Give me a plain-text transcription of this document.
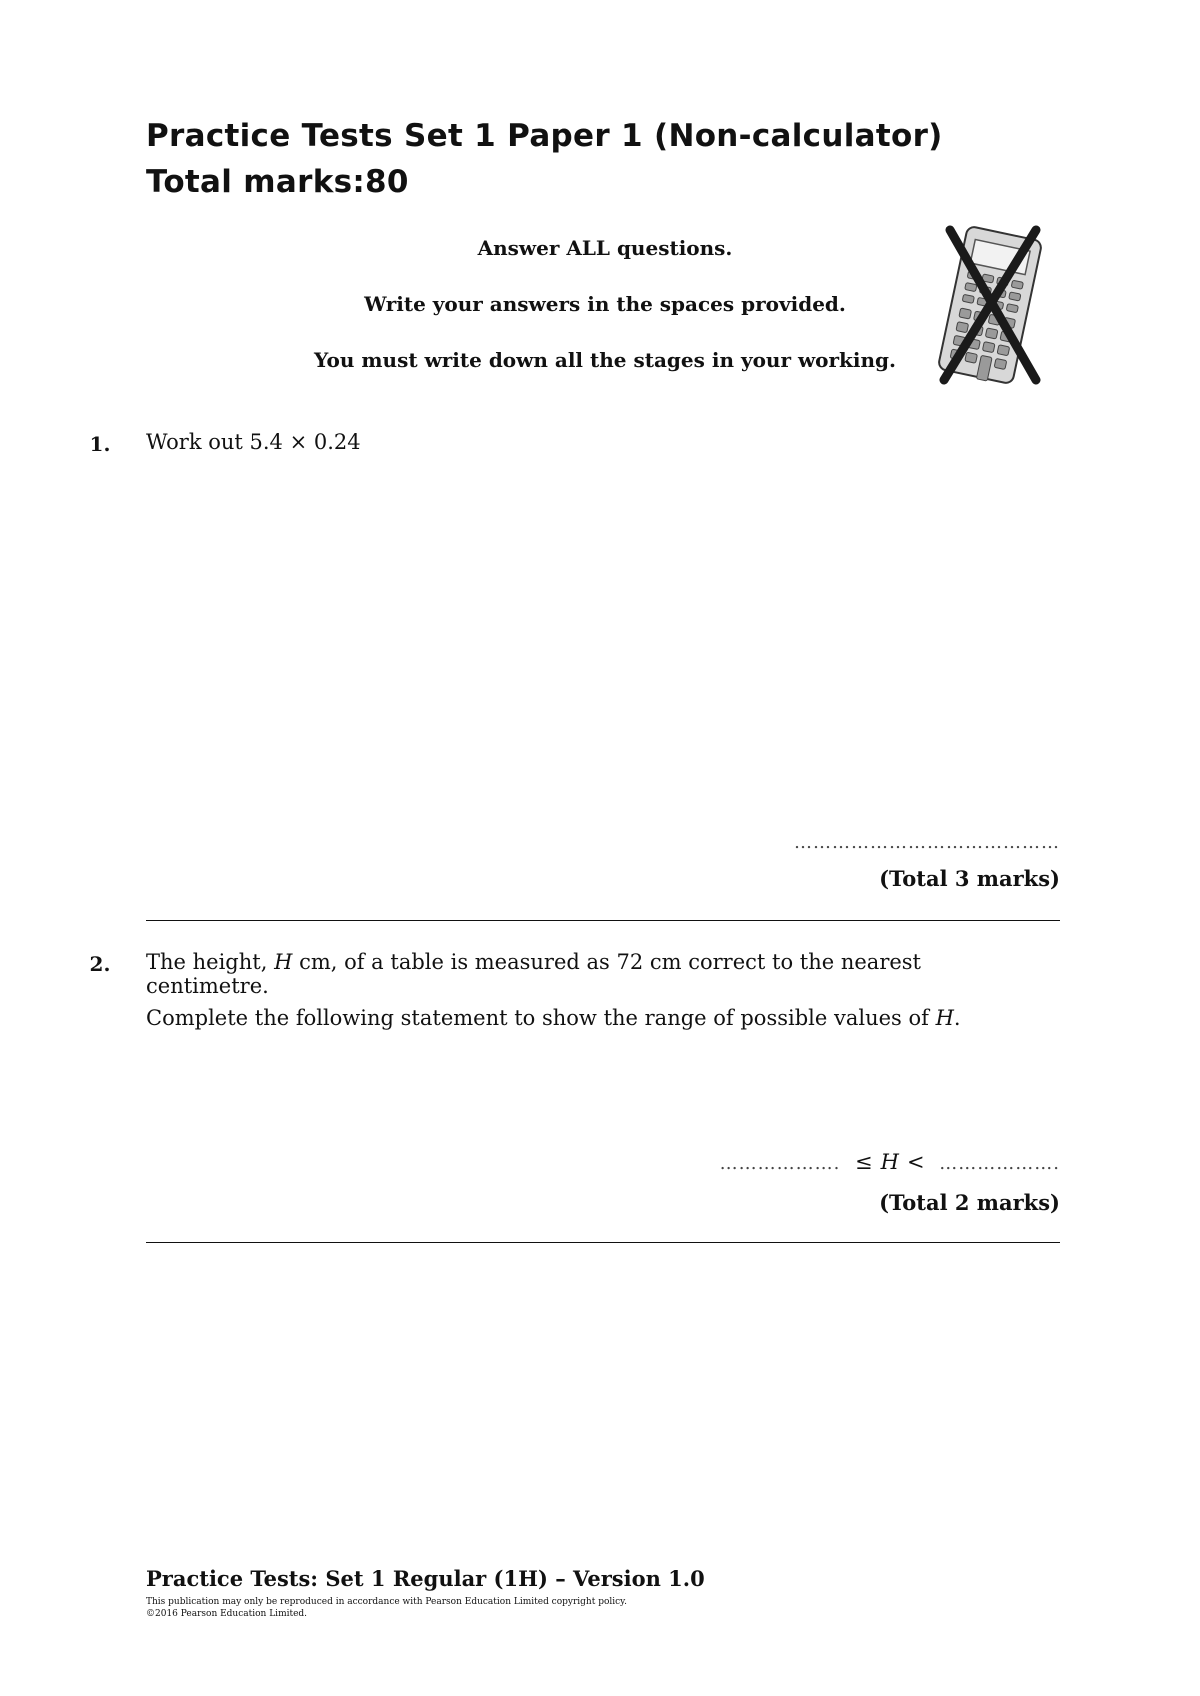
Practice Tests Set 1 Paper 1 (Non-calculator)
Total marks:80
Answer ALL questions.
Write your answers in the spaces provided.
You must write down all the stages in your working.
1.	Work out 5.4 × 0.24
……………………………………
(Total 3 marks)
2.	The height, H cm, of a table is measured as 72 cm correct to the nearest centimetre.
Complete the following statement to show the range of possible values of H.
………………. ≤ H < ……………….
(Total 2 marks)
Practice Tests: Set 1 Regular (1H) – Version 1.0
This publication may only be reproduced in accordance with Pearson Education Limited copyright policy.
©2016 Pearson Education Limited.
